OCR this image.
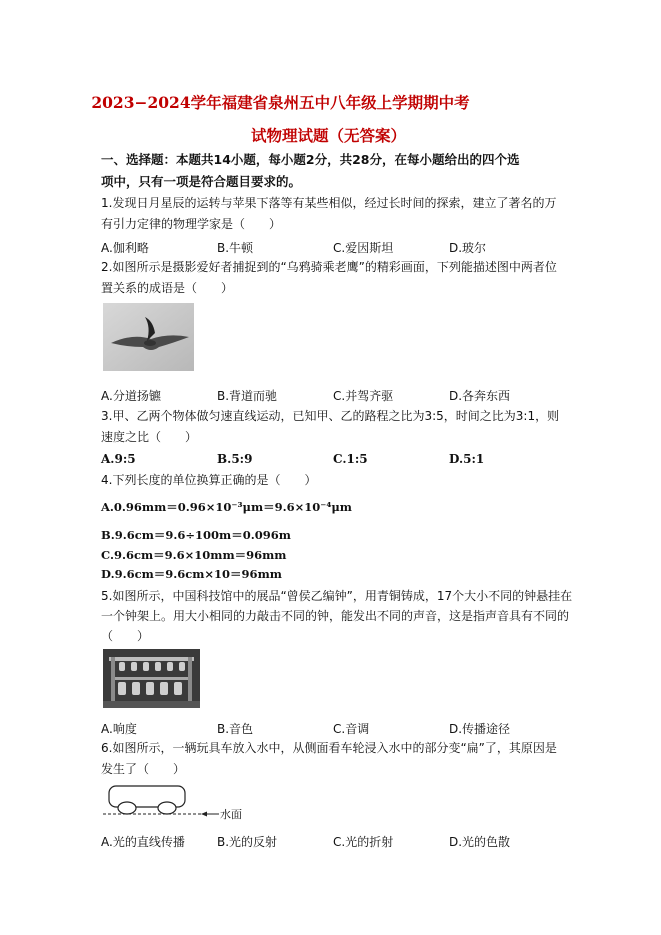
2023−2024学年福建省泉州五中八年级上学期期中考
试物理试题（无答案）
一、选择题：本题共14小题，每小题2分，共28分，在每小题给出的四个选
项中，只有一项是符合题目要求的。
1.发现日月星辰的运转与苹果下落等有某些相似，经过长时间的探索，建立了著名的万
有引力定律的物理学家是（　　）
A.伽利略	B.牛顿	C.爱因斯坦	D.玻尔
2.如图所示是摄影爱好者捕捉到的“乌鸦骑乘老鹰”的精彩画面，下列能描述图中两者位
置关系的成语是（　　）
A.分道扬镳	B.背道而驰	C.并驾齐驱	D.各奔东西
3.甲、乙两个物体做匀速直线运动，已知甲、乙的路程之比为3:5，时间之比为3:1，则
速度之比（　　）
A.9:5	B.5:9	C.1:5	D.5:1
4.下列长度的单位换算正确的是（　　）
A.0.96mm＝0.96×10⁻³μm＝9.6×10⁻⁴μm
B.9.6cm＝9.6÷100m＝0.096m
C.9.6cm＝9.6×10mm＝96mm
D.9.6cm＝9.6cm×10＝96mm
5.如图所示，中国科技馆中的展品“曾侯乙编钟”，用青铜铸成，17个大小不同的钟悬挂在
一个钟架上。用大小相同的力敲击不同的钟，能发出不同的声音，这是指声音具有不同的
（　　）
A.响度	B.音色	C.音调	D.传播途径
6.如图所示，一辆玩具车放入水中，从侧面看车轮浸入水中的部分变“扁”了，其原因是
发生了（　　）
水面
A.光的直线传播	B.光的反射	C.光的折射	D.光的色散
